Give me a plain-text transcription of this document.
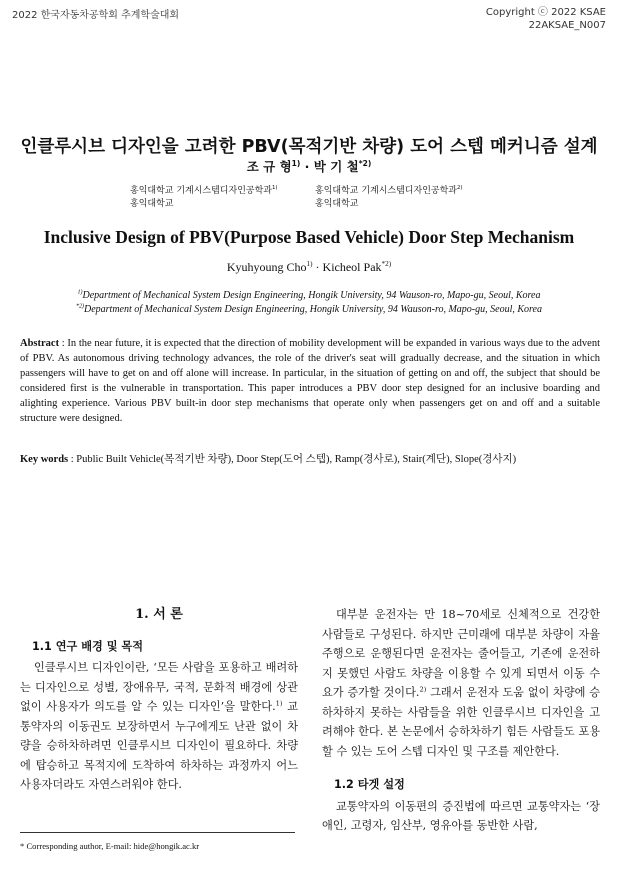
2022 한국자동차공학회 추계학술대회	Copyright ⓒ 2022 KSAE
22AKSAE_N007
인클루시브 디자인을 고려한 PBV(목적기반 차량) 도어 스텝 메커니즘 설계
조 규 형$^{1)}$ · 박 기 철$^{*2)}$
홍익대학교 기계시스템디자인공학과$^{1)}$
홍익대학교
홍익대학교 기계시스템디자인공학과$^{2)}$
홍익대학교
Inclusive Design of PBV(Purpose Based Vehicle) Door Step Mechanism
Kyuhyoung Cho$^{1)}$ · Kicheol Pak$^{*2)}$
$^{1)}$Department of Mechanical System Design Engineering, Hongik University, 94 Wauson-ro, Mapo-gu, Seoul, Korea
$^{*2)}$Department of Mechanical System Design Engineering, Hongik University, 94 Wauson-ro, Mapo-gu, Seoul, Korea
Abstract : In the near future, it is expected that the direction of mobility development will be expanded in various ways due to the advent of PBV. As autonomous driving technology advances, the role of the driver's seat will gradually decrease, and the situation in which passengers will have to get on and off alone will increase. In particular, in the situation of getting on and off, the subject that should be considered first is the vulnerable in transportation. This paper introduces a PBV door step designed for an inclusive boarding and alighting experience. Various PBV built-in door step mechanisms that operate only when passengers get on and off and a suitable structure were designed.
Key words : Public Built Vehicle(목적기반 차량), Door Step(도어 스텝), Ramp(경사로), Stair(계단), Slope(경사지)
1. 서 론
1.1 연구 배경 및 목적

인클루시브 디자인이란, ‘모든 사람을 포용하고 배려하는 디자인으로 성별, 장애유무, 국적, 문화적 배경에 상관없이 사용자가 의도를 알 수 있는 디자인’을 말한다.$^{1)}$ 교통약자의 이동권도 보장하면서 누구에게도 난관 없이 차량을 승하차하려면 인클루시브 디자인이 필요하다. 차량에 탑승하고 목적지에 도착하여 하차하는 과정까지 어느 사용자더라도 자연스러워야 한다.

대부분 운전자는 만 18~70세로 신체적으로 건강한 사람들로 구성된다. 하지만 근미래에 대부분 차량이 자율주행으로 운행된다면 운전자는 줄어들고, 기존에 운전하지 못했던 사람도 차량을 이용할 수 있게 되면서 이동 수요가 증가할 것이다.$^{2)}$ 그래서 운전자 도움 없이 차량에 승하차하지 못하는 사람들을 위한 인클루시브 디자인을 고려해야 한다. 본 논문에서 승하차하기 힘든 사람들도 포용할 수 있는 도어 스텝 디자인 및 구조를 제안한다.

1.2 타겟 설정

교통약자의 이동편의 증진법에 따르면 교통약자는 ‘장애인, 고령자, 임산부, 영유아를 동반한 사람,

* Corresponding author, E-mail: hide@hongik.ac.kr
